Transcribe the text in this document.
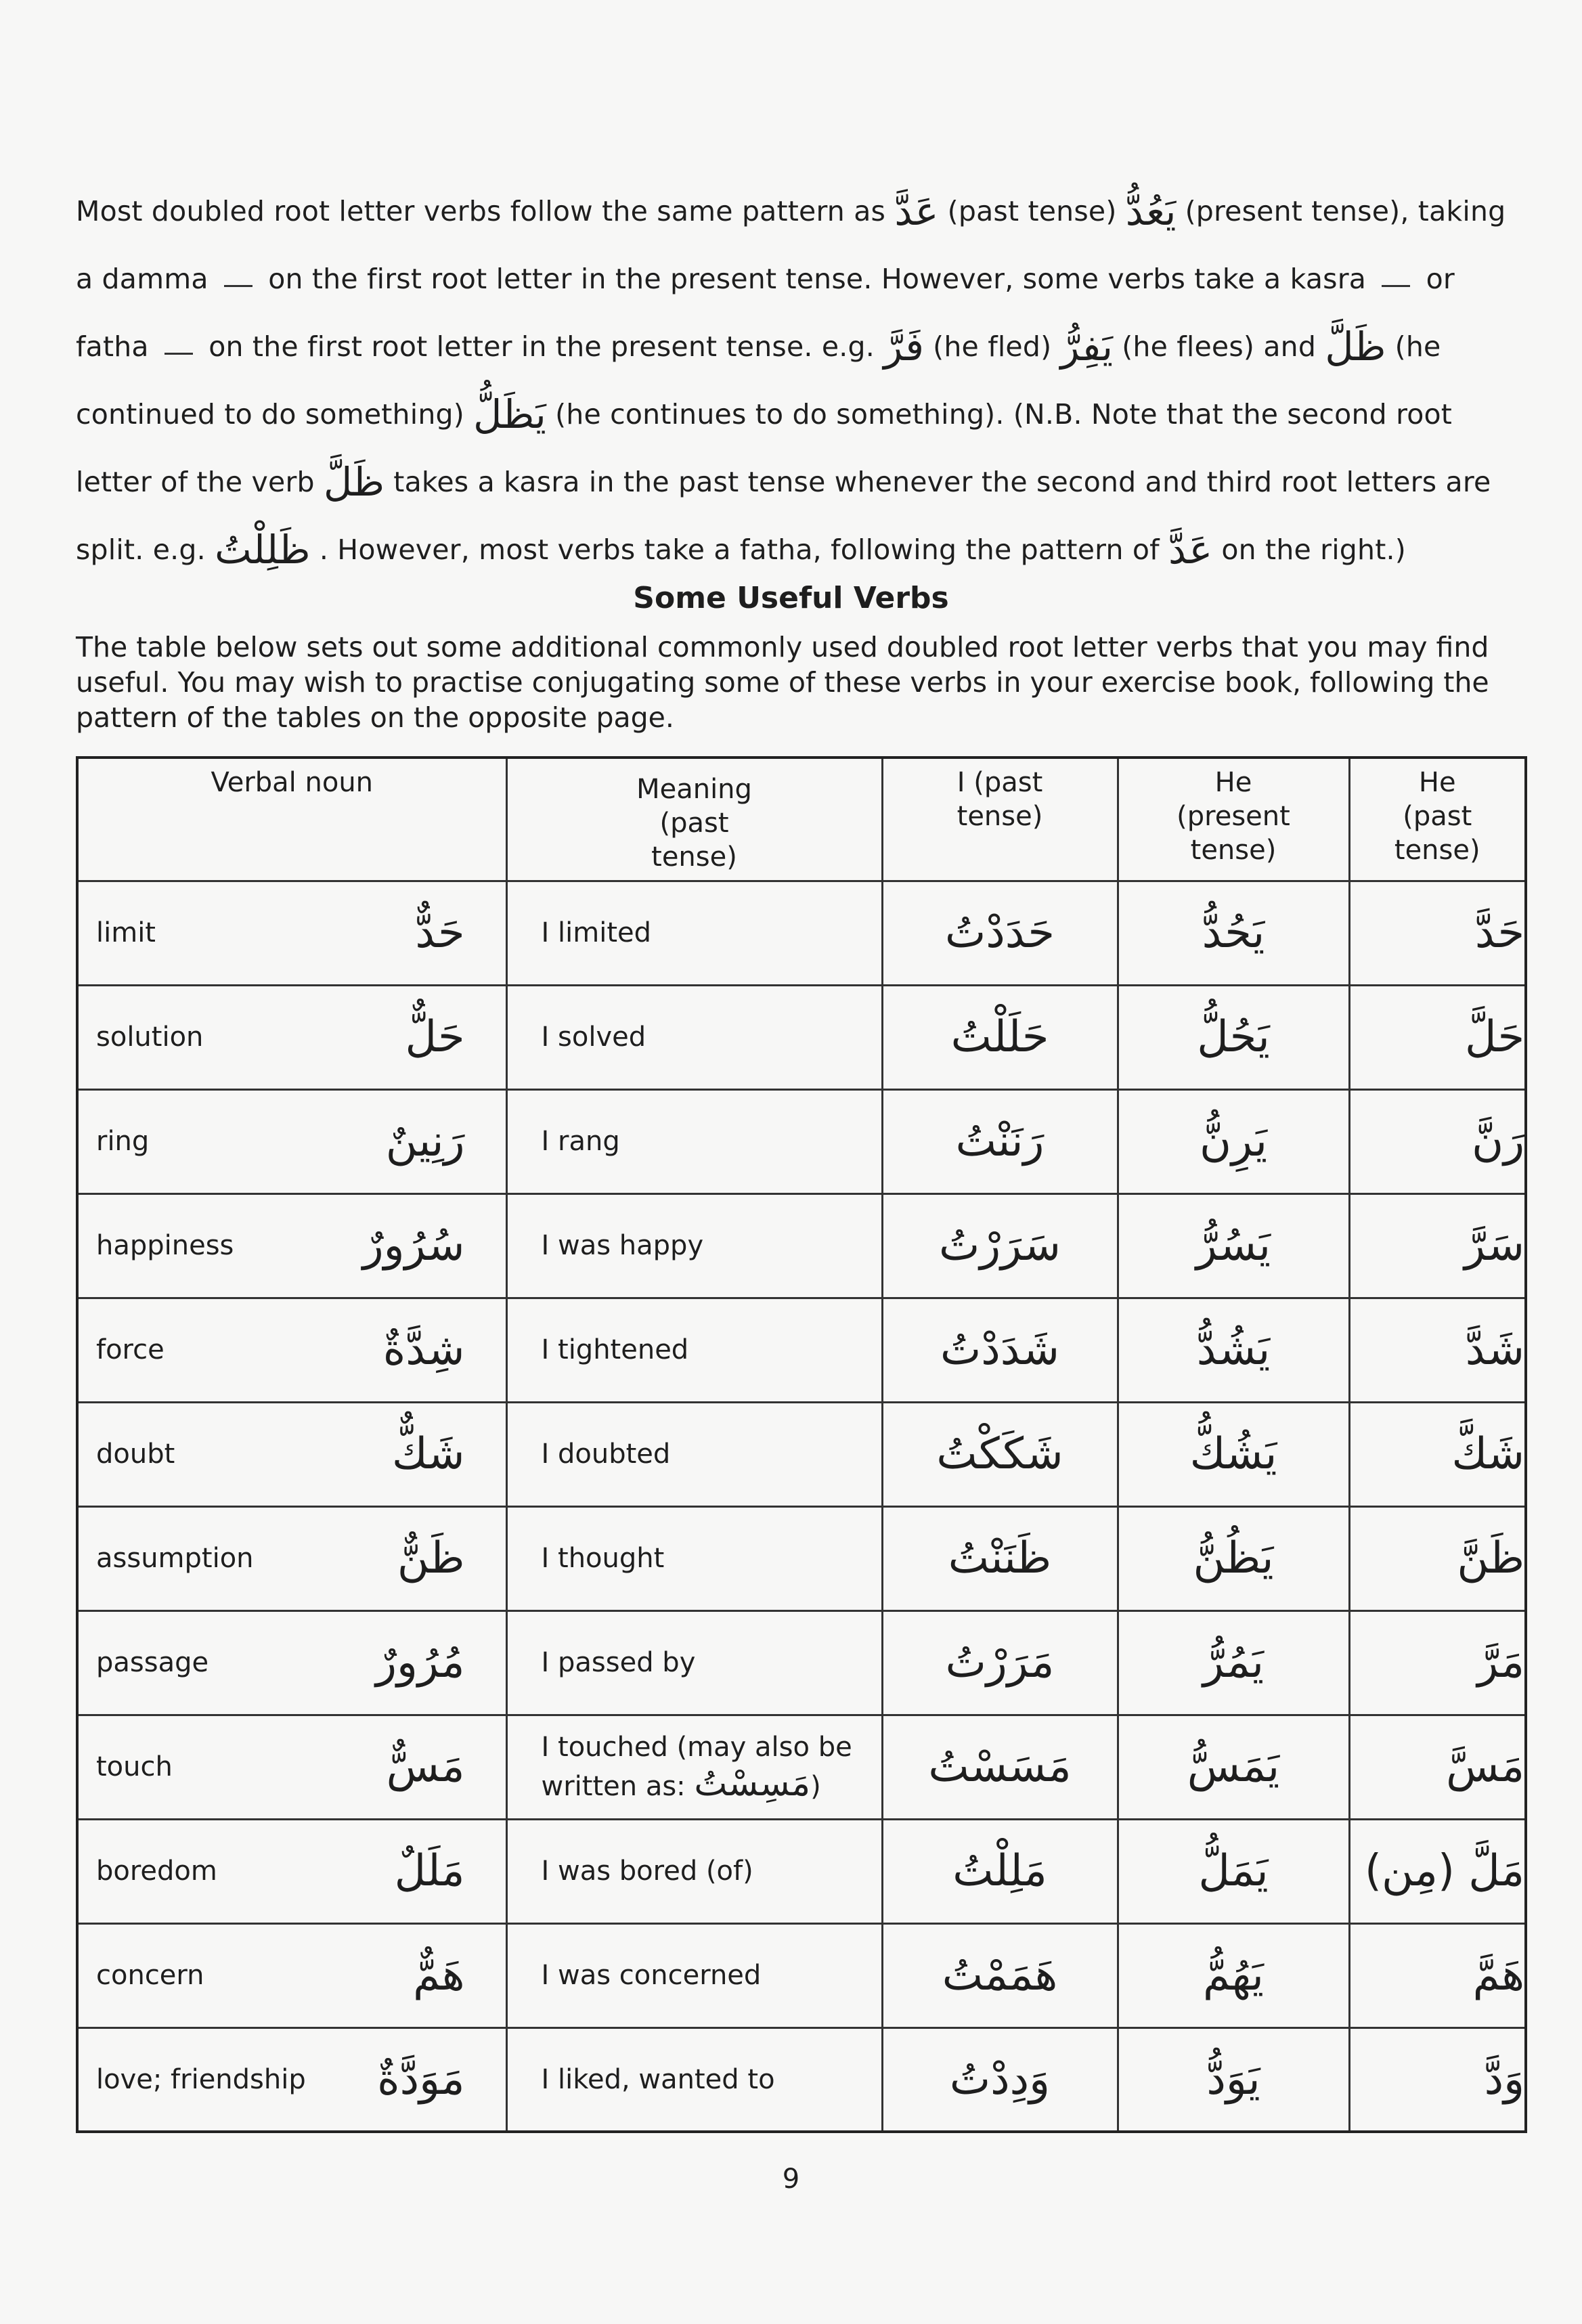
Most doubled root letter verbs follow the same pattern as عَدَّ (past tense) يَعُدُّ (present tense), taking

a damma on the first root letter in the present tense. However, some verbs take a kasra or

fatha on the first root letter in the present tense. e.g. فَرَّ (he fled) يَفِرُّ (he flees) and ظَلَّ (he

continued to do something) يَظَلُّ (he continues to do something). (N.B. Note that the second root

letter of the verb ظَلَّ takes a kasra in the past tense whenever the second and third root letters are

split. e.g. ظَلِلْتُ . However, most verbs take a fatha, following the pattern of عَدَّ on the right.)

Some Useful Verbs
The table below sets out some additional commonly used doubled root letter verbs that you may find useful. You may wish to practise conjugating some of these verbs in your exercise book, following the pattern of the tables on the opposite page.
Verbal noun	Meaning (past tense)	I (past tense)	He (present tense)	He (past tense)

limit حَدٌّ	I limited	حَدَدْتُ	يَحُدُّ	حَدَّ

solution حَلٌّ	I solved	حَلَلْتُ	يَحُلُّ	حَلَّ

ring رَنِينٌ	I rang	رَنَنْتُ	يَرِنُّ	رَنَّ

happiness سُرُورٌ	I was happy	سَرَرْتُ	يَسُرُّ	سَرَّ

force شِدَّةٌ	I tightened	شَدَدْتُ	يَشُدُّ	شَدَّ

doubt شَكٌّ	I doubted	شَكَكْتُ	يَشُكُّ	شَكَّ

assumption ظَنٌّ	I thought	ظَنَنْتُ	يَظُنُّ	ظَنَّ

passage مُرُورٌ	I passed by	مَرَرْتُ	يَمُرُّ	مَرَّ

touch مَسٌّ	I touched (may also be
written as: مَسِسْتُ)	مَسَسْتُ	يَمَسُّ	مَسَّ

boredom مَلَلٌ	I was bored (of)	مَلِلْتُ	يَمَلُّ	مَلَّ (مِن)

concern هَمٌّ	I was concerned	هَمَمْتُ	يَهُمُّ	هَمَّ

love; friendship مَوَدَّةٌ	I liked, wanted to	وَدِدْتُ	يَوَدُّ	وَدَّ
9
